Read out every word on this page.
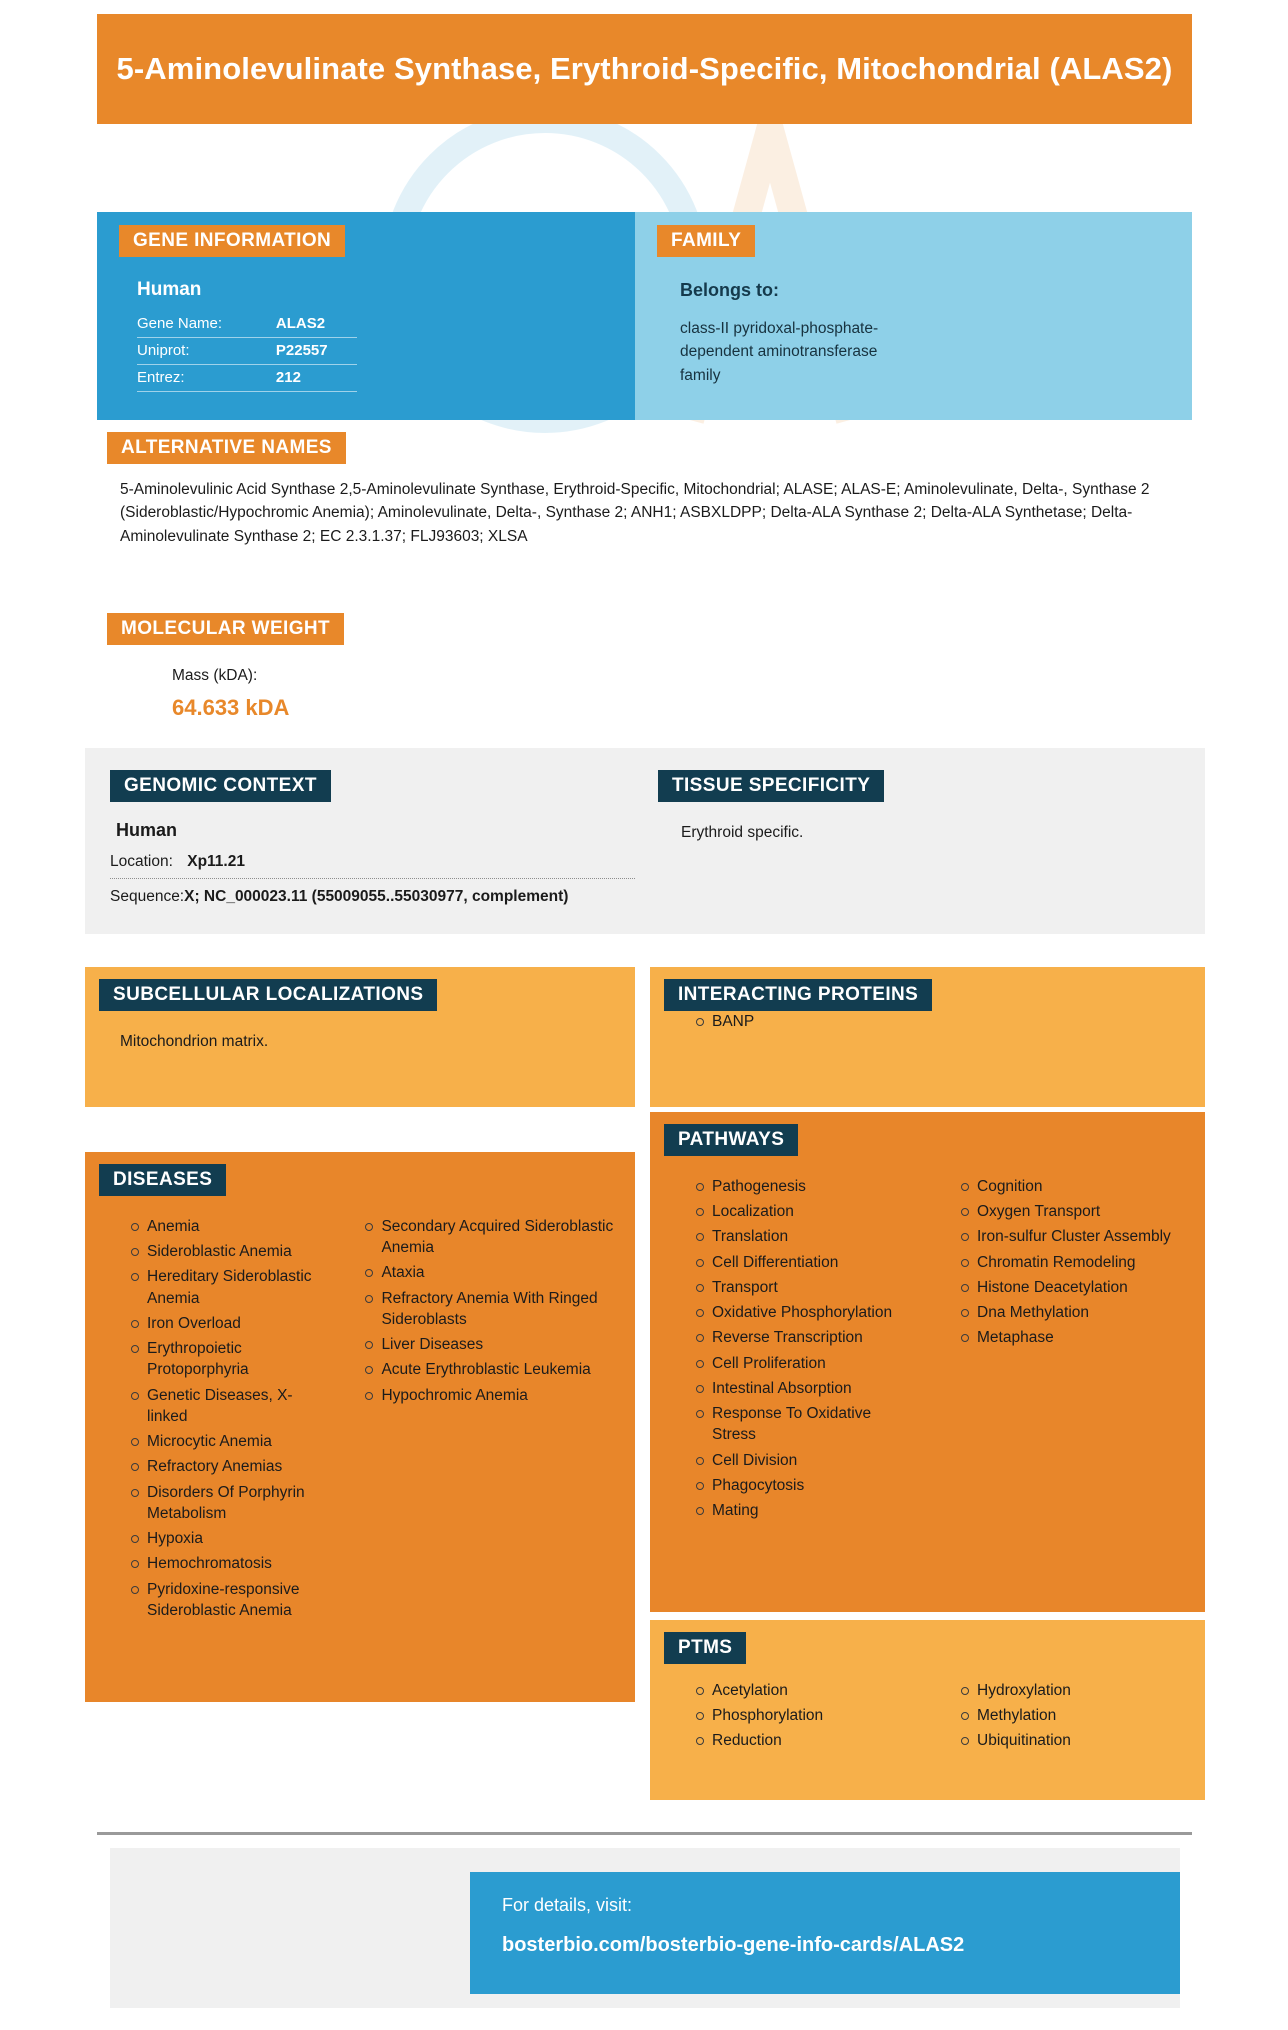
5-Aminolevulinate Synthase, Erythroid-Specific, Mitochondrial (ALAS2)
GENE INFORMATION
Human
Gene Name:	ALAS2
Uniprot:	P22557
Entrez:	212
FAMILY
Belongs to:
class-II pyridoxal-phosphate-dependent aminotransferase family
ALTERNATIVE NAMES
5-Aminolevulinic Acid Synthase 2,5-Aminolevulinate Synthase, Erythroid-Specific, Mitochondrial; ALASE; ALAS-E; Aminolevulinate, Delta-, Synthase 2 (Sideroblastic/Hypochromic Anemia); Aminolevulinate, Delta-, Synthase 2; ANH1; ASBXLDPP; Delta-ALA Synthase 2; Delta-ALA Synthetase; Delta-Aminolevulinate Synthase 2; EC 2.3.1.37; FLJ93603; XLSA
MOLECULAR WEIGHT
Mass (kDA):
64.633 kDA
GENOMIC CONTEXT
Human
Location: Xp11.21
Sequence:X; NC_000023.11 (55009055..55030977, complement)
TISSUE SPECIFICITY
Erythroid specific.
SUBCELLULAR LOCALIZATIONS
Mitochondrion matrix.
INTERACTING PROTEINS
BANP
DISEASES
Anemia
Sideroblastic Anemia
Hereditary Sideroblastic Anemia
Iron Overload
Erythropoietic Protoporphyria
Genetic Diseases, X-linked
Microcytic Anemia
Refractory Anemias
Disorders Of Porphyrin Metabolism
Hypoxia
Hemochromatosis
Pyridoxine-responsive Sideroblastic Anemia
Secondary Acquired Sideroblastic Anemia
Ataxia
Refractory Anemia With Ringed Sideroblasts
Liver Diseases
Acute Erythroblastic Leukemia
Hypochromic Anemia
PATHWAYS
Pathogenesis
Localization
Translation
Cell Differentiation
Transport
Oxidative Phosphorylation
Reverse Transcription
Cell Proliferation
Intestinal Absorption
Response To Oxidative Stress
Cell Division
Phagocytosis
Mating
Cognition
Oxygen Transport
Iron-sulfur Cluster Assembly
Chromatin Remodeling
Histone Deacetylation
Dna Methylation
Metaphase
PTMS
Acetylation
Phosphorylation
Reduction
Hydroxylation
Methylation
Ubiquitination
For details, visit:
bosterbio.com/bosterbio-gene-info-cards/ALAS2
